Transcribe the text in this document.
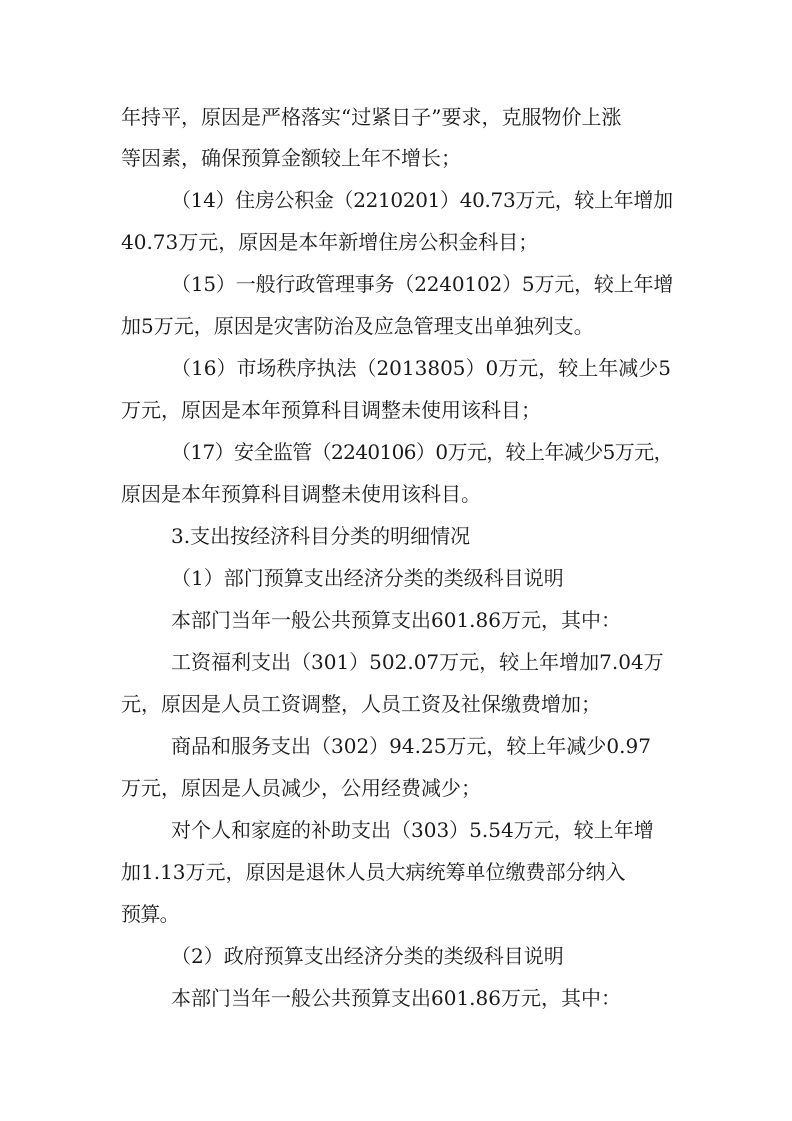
年持平，原因是严格落实“过紧日子”要求，克服物价上涨
等因素，确保预算金额较上年不增长；
（14）住房公积金（2210201）40.73万元，较上年增加
40.73万元，原因是本年新增住房公积金科目；
（15）一般行政管理事务（2240102）5万元，较上年增
加5万元，原因是灾害防治及应急管理支出单独列支。
（16）市场秩序执法（2013805）0万元，较上年减少5
万元，原因是本年预算科目调整未使用该科目；
（17）安全监管（2240106）0万元，较上年减少5万元，
原因是本年预算科目调整未使用该科目。
3.支出按经济科目分类的明细情况
（1）部门预算支出经济分类的类级科目说明
本部门当年一般公共预算支出601.86万元，其中：
工资福利支出（301）502.07万元，较上年增加7.04万
元，原因是人员工资调整，人员工资及社保缴费增加；
商品和服务支出（302）94.25万元，较上年减少0.97
万元，原因是人员减少，公用经费减少；
对个人和家庭的补助支出（303）5.54万元，较上年增
加1.13万元，原因是退休人员大病统筹单位缴费部分纳入
预算。
（2）政府预算支出经济分类的类级科目说明
本部门当年一般公共预算支出601.86万元，其中：
